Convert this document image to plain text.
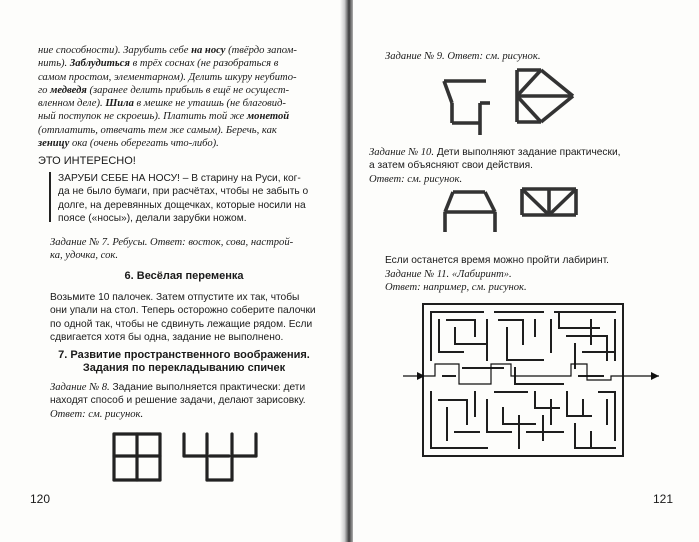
ние способности). Зарубить себе на носу (твёрдо запом-
нить). Заблудиться в трёх соснах (не разобраться в
самом простом, элементарном). Делить шкуру неубито-
го медведя (заранее делить прибыль в ещё не осущест-
вленном деле). Шила в мешке не утаишь (не благовид-
ный поступок не скроешь). Платить той же монетой
(отплатить, отвечать тем же самым). Беречь, как
зеницу ока (очень оберегать что-либо).

ЭТО ИНТЕРЕСНО!

ЗАРУБИ СЕБЕ НА НОСУ! – В старину на Руси, ког-
да не было бумаги, при расчётах, чтобы не забыть о
долге, на деревянных дощечках, которые носили на
поясе («носы»), делали зарубки ножом.

Задание № 7. Ребусы. Ответ: восток, сова, настрой-
ка, удочка, сок.

6. Весёлая переменка

Возьмите 10 палочек. Затем отпустите их так, чтобы
они упали на стол. Теперь осторожно соберите палочки
по одной так, чтобы не сдвинуть лежащие рядом. Если
сдвигается хотя бы одна, задание не выполнено.

7. Развитие пространственного воображения.
Задания по перекладыванию спичек

Задание № 8. Задание выполняется практически: дети
находят способ и решение задачи, делают зарисовку.
Ответ: см. рисунок.

120

Задание № 9. Ответ: см. рисунок.

Задание № 10. Дети выполняют задание практически,
а затем объясняют свои действия.
Ответ: см. рисунок.

Если останется время можно пройти лабиринт.

Задание № 11. «Лабиринт».

Ответ: например, см. рисунок.

121
